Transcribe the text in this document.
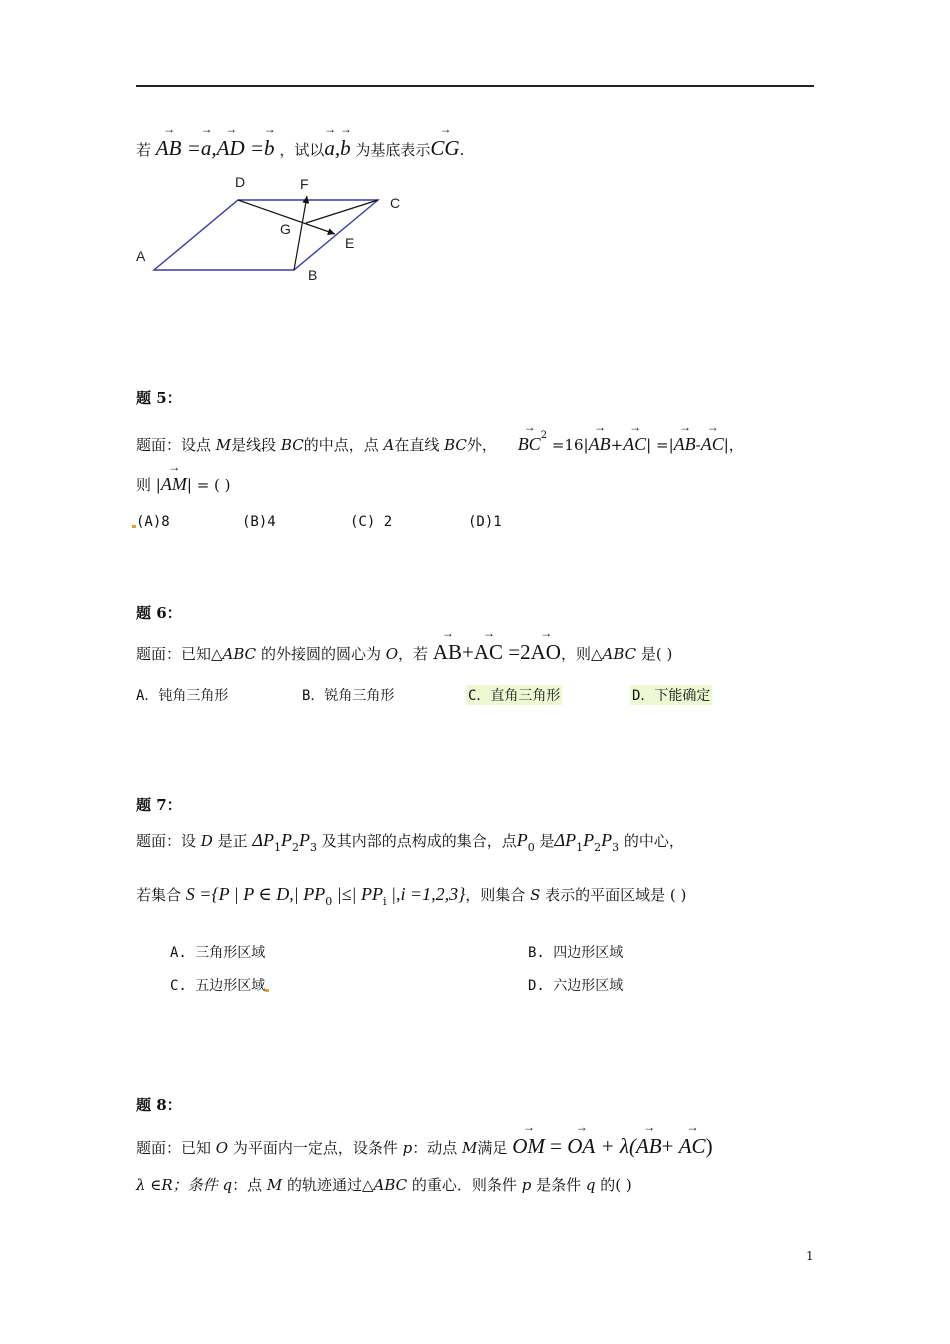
若 → AB =→ a,→ AD =→ b ，试以→ a,→ b 为基底表示→ CG.
A
B
C
D
E
F
G
题 5：
题面：设点 M是线段 BC的中点，点 A在直线 BC外， → $BC^2 =16|\to AB+\to AC|$ =|→ AB-→ AC|，
则 |→ AM| = ( )
(A)8	(B)4	(C) 2	(D)1
题 6：
题面：已知△ABC 的外接圆的圆心为 O，若 → AB+→ AC =2→ AO，则△ABC 是( )
A．钝角三角形	B．锐角三角形	C．直角三角形	D．下能确定
题 7：
题面：设 D 是正 $\Delta P_1P_2P_3$ 及其内部的点构成的集合，点$P_0$ 是$\Delta P_1P_2P_3$ 的中心，
若集合 S ={P | P ∈ D,| $PP_0$ |≤| $PP_i$ |,i =1,2,3}，则集合 S 表示的平面区域是 ( )
A. 三角形区域	B. 四边形区域
C. 五边形区域	D. 六边形区域
题 8：
题面：已知 O 为平面内一定点，设条件 p：动点 M满足 → OM = → OA + λ(→ AB+ → AC)
λ ∈R；条件 q：点 M 的轨迹通过△ABC 的重心．则条件 p 是条件 q 的( )
1
